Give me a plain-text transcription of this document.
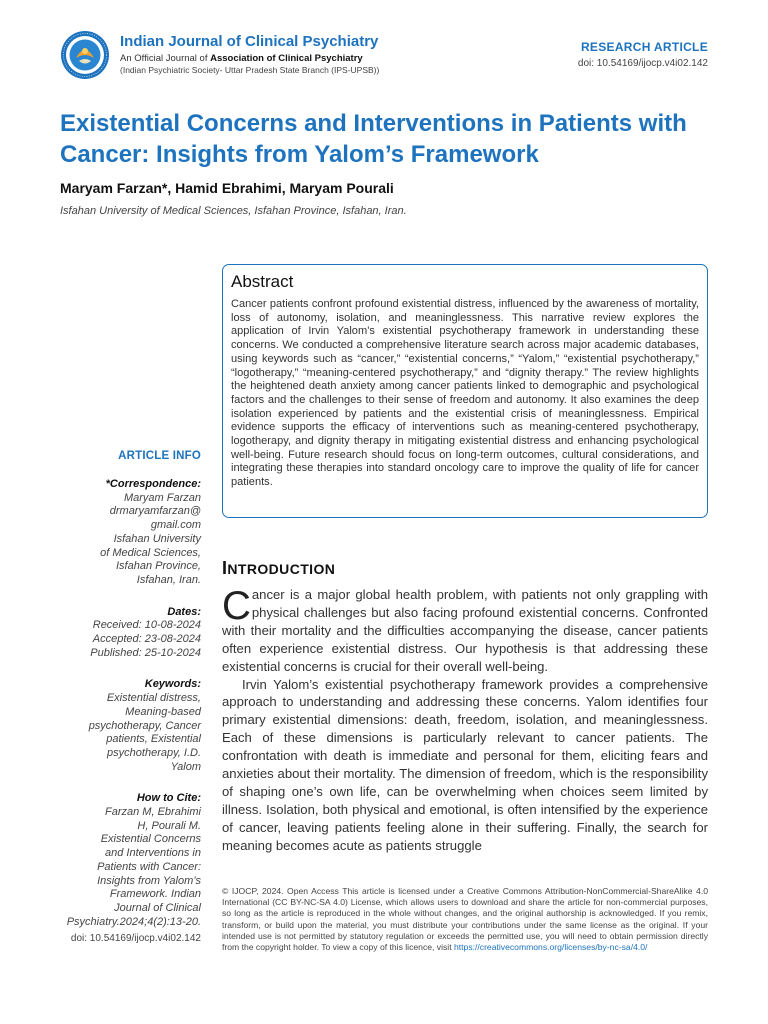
Indian Journal of Clinical Psychiatry
An Official Journal of Association of Clinical Psychiatry
(Indian Psychiatric Society- Uttar Pradesh State Branch (IPS-UPSB))
RESEARCH ARTICLE
doi: 10.54169/ijocp.v4i02.142
Existential Concerns and Interventions in Patients with Cancer: Insights from Yalom’s Framework
Maryam Farzan*, Hamid Ebrahimi, Maryam Pourali
Isfahan University of Medical Sciences, Isfahan Province, Isfahan, Iran.
Abstract

Cancer patients confront profound existential distress, influenced by the awareness of mortality, loss of autonomy, isolation, and meaninglessness. This narrative review explores the application of Irvin Yalom’s existential psychotherapy framework in understanding these concerns. We conducted a comprehensive literature search across major academic databases, using keywords such as “cancer,” “existential concerns,” “Yalom,” “existential psychotherapy,” “logotherapy,” “meaning-centered psychotherapy,” and “dignity therapy.” The review highlights the heightened death anxiety among cancer patients linked to demographic and psychological factors and the challenges to their sense of freedom and autonomy. It also examines the deep isolation experienced by patients and the existential crisis of meaninglessness. Empirical evidence supports the efficacy of interventions such as meaning-centered psychotherapy, logotherapy, and dignity therapy in mitigating existential distress and enhancing psychological well-being. Future research should focus on long-term outcomes, cultural considerations, and integrating these therapies into standard oncology care to improve the quality of life for cancer patients.

ARTICLE INFO
*Correspondence:
Maryam Farzan
drmaryamfarzan@
gmail.com
Isfahan University
of Medical Sciences,
Isfahan Province,
Isfahan, Iran.
Dates:
Received: 10-08-2024
Accepted: 23-08-2024
Published: 25-10-2024
Keywords:
Existential distress,
Meaning-based
psychotherapy, Cancer
patients, Existential
psychotherapy, I.D.
Yalom
How to Cite:
Farzan M, Ebrahimi
H, Pourali M.
Existential Concerns
and Interventions in
Patients with Cancer:
Insights from Yalom’s
Framework. Indian
Journal of Clinical
Psychiatry.2024;4(2):13-20.
doi: 10.54169/ijocp.v4i02.142
INTRODUCTION

Cancer is a major global health problem, with patients not only grappling with physical challenges but also facing profound existential concerns. Confronted with their mortality and the difficulties accompanying the disease, cancer patients often experience existential distress. Our hypothesis is that addressing these existential concerns is crucial for their overall well-being.

Irvin Yalom’s existential psychotherapy framework provides a comprehensive approach to understanding and addressing these concerns. Yalom identifies four primary existential dimensions: death, freedom, isolation, and meaninglessness. Each of these dimensions is particularly relevant to cancer patients. The confrontation with death is immediate and personal for them, eliciting fears and anxieties about their mortality. The dimension of freedom, which is the responsibility of shaping one’s own life, can be overwhelming when choices seem limited by illness. Isolation, both physical and emotional, is often intensified by the experience of cancer, leaving patients feeling alone in their suffering. Finally, the search for meaning becomes acute as patients struggle

© IJOCP, 2024. Open Access This article is licensed under a Creative Commons Attribution-NonCommercial-ShareAlike 4.0 International (CC BY-NC-SA 4.0) License, which allows users to download and share the article for non-commercial purposes, so long as the article is reproduced in the whole without changes, and the original authorship is acknowledged. If you remix, transform, or build upon the material, you must distribute your contributions under the same license as the original. If your intended use is not permitted by statutory regulation or exceeds the permitted use, you will need to obtain permission directly from the copyright holder. To view a copy of this licence, visit https://creativecommons.org/licenses/by-nc-sa/4.0/
